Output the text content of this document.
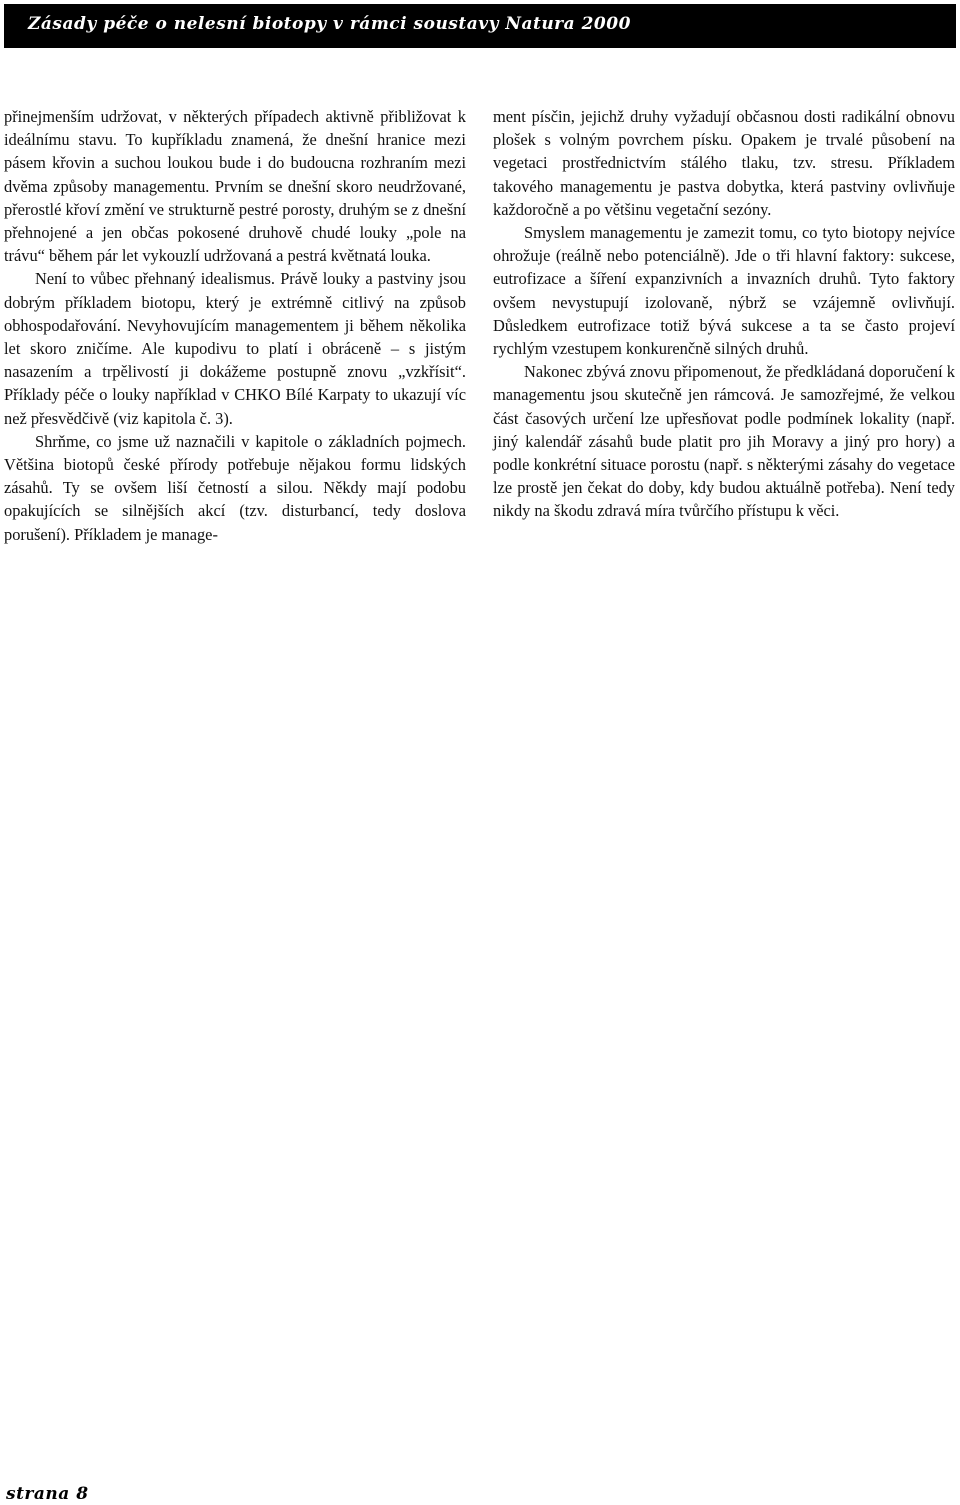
Zásady péče o nelesní biotopy v rámci soustavy Natura 2000

přinejmenším udržovat, v některých případech aktivně přibližovat k ideálnímu stavu. To kupříkladu znamená, že dnešní hranice mezi pásem křovin a suchou loukou bude i do budoucna rozhraním mezi dvěma způsoby managementu. Prvním se dnešní skoro neudržované, přerostlé křoví změní ve strukturně pestré porosty, druhým se z dnešní přehnojené a jen občas pokosené druhově chudé louky „pole na trávu“ během pár let vykouzlí udržovaná a pestrá květnatá louka.

Není to vůbec přehnaný idealismus. Právě louky a pastviny jsou dobrým příkladem biotopu, který je extrémně citlivý na způsob obhospodařování. Nevyhovujícím managementem ji během několika let skoro zničíme. Ale kupodivu to platí i obráceně – s jistým nasazením a trpělivostí ji dokážeme postupně znovu „vzkřísit“. Příklady péče o louky například v CHKO Bílé Karpaty to ukazují víc než přesvědčivě (viz kapitola č. 3).

Shrňme, co jsme už naznačili v kapitole o základních pojmech. Většina biotopů české přírody potřebuje nějakou formu lidských zásahů. Ty se ovšem liší četností a silou. Někdy mají podobu opakujících se silnějších akcí (tzv. disturbancí, tedy doslova porušení). Příkladem je manage-

ment písčin, jejichž druhy vyžadují občasnou dosti radikální obnovu plošek s volným povrchem písku. Opakem je trvalé působení na vegetaci prostřednictvím stálého tlaku, tzv. stresu. Příkladem takového managementu je pastva dobytka, která pastviny ovlivňuje každoročně a po většinu vegetační sezóny.

Smyslem managementu je zamezit tomu, co tyto biotopy nejvíce ohrožuje (reálně nebo potenciálně). Jde o tři hlavní faktory: sukcese, eutrofizace a šíření expanzivních a invazních druhů. Tyto faktory ovšem nevystupují izolovaně, nýbrž se vzájemně ovlivňují. Důsledkem eutrofizace totiž bývá sukcese a ta se často projeví rychlým vzestupem konkurenčně silných druhů.

Nakonec zbývá znovu připomenout, že předkládaná doporučení k managementu jsou skutečně jen rámcová. Je samozřejmé, že velkou část časových určení lze upřesňovat podle podmínek lokality (např. jiný kalendář zásahů bude platit pro jih Moravy a jiný pro hory) a podle konkrétní situace porostu (např. s některými zásahy do vegetace lze prostě jen čekat do doby, kdy budou aktuálně potřeba). Není tedy nikdy na škodu zdravá míra tvůrčího přístupu k věci.

strana 8
